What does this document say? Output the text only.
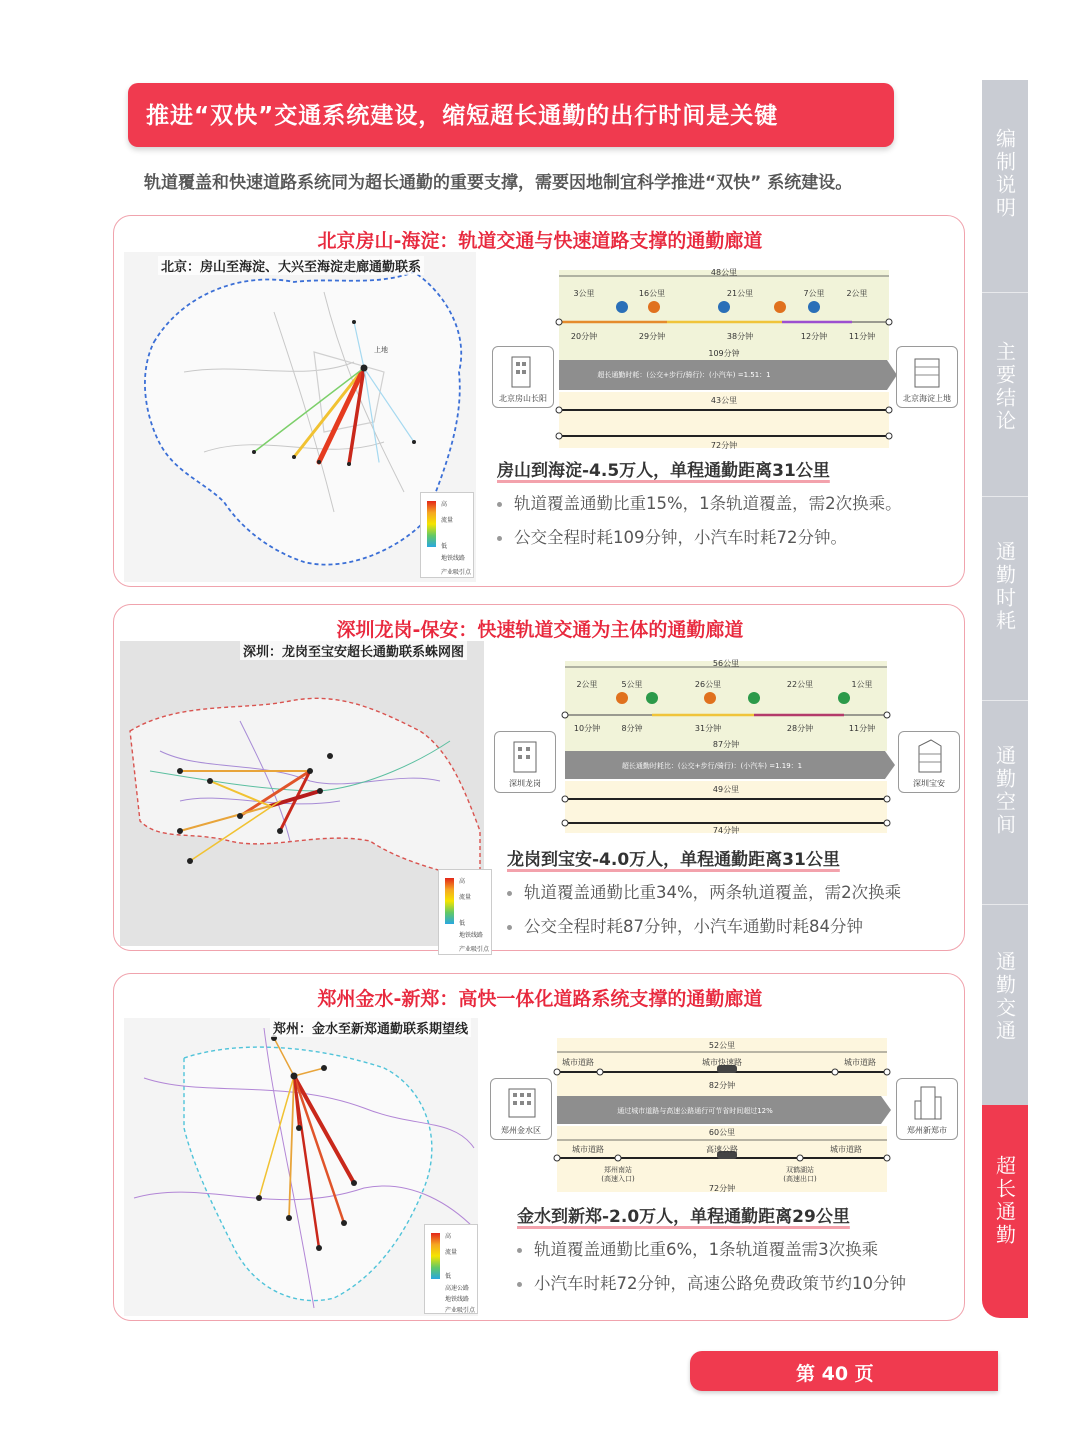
推进“双快”交通系统建设，缩短超长通勤的出行时间是关键
轨道覆盖和快速道路系统同为超长通勤的重要支撑，需要因地制宜科学推进“双快” 系统建设。	编制说明
主要结论
通勤时耗
通勤空间
通勤交通
超长通勤
北京房山-海淀：轨道交通与快速道路支撑的通勤廊道
上地
北京：房山至海淀、大兴至海淀走廊通勤联系
高
流量
低
地铁线路
产业吸引点
48公里
3公里	16公里	21公里	7公里	2公里
20分钟	29分钟	38分钟	12分钟	11分钟
109分钟
超长通勤时耗：(公交+步行/骑行)：(小汽车) =1.51：1
43公里
72分钟
北京房山长阳	北京海淀上地
房山到海淀-4.5万人，单程通勤距离31公里
轨道覆盖通勤比重15%，1条轨道覆盖，需2次换乘。
公交全程时耗109分钟，小汽车时耗72分钟。
深圳龙岗-保安：快速轨道交通为主体的通勤廊道
深圳：龙岗至宝安超长通勤联系蛛网图
高
流量
低
地铁线路
产业吸引点
56公里
2公里	5公里	26公里	22公里	1公里
10分钟	8分钟	31分钟	28分钟	11分钟
87分钟
超长通勤时耗比：(公交+步行/骑行)：(小汽车) =1.19：1
49公里
74分钟
深圳龙岗	深圳宝安
龙岗到宝安-4.0万人，单程通勤距离31公里
轨道覆盖通勤比重34%，两条轨道覆盖，需2次换乘
公交全程时耗87分钟，小汽车通勤时耗84分钟
郑州金水-新郑：高快一体化道路系统支撑的通勤廊道
郑州：金水至新郑通勤联系期望线
高
流量
低
高速公路
地铁线路
产业吸引点
52公里
城市道路	城市快速路	城市道路
82分钟
通过城市道路与高速公路通行可节省时间超过12%
60公里
城市道路	高速公路	城市道路
郑州南站
(高速入口)
双鹤湖站
(高速出口)
72分钟
郑州金水区	郑州新郑市
金水到新郑-2.0万人，单程通勤距离29公里
轨道覆盖通勤比重6%，1条轨道覆盖需3次换乘
小汽车时耗72分钟，高速公路免费政策节约10分钟
第 40 页
